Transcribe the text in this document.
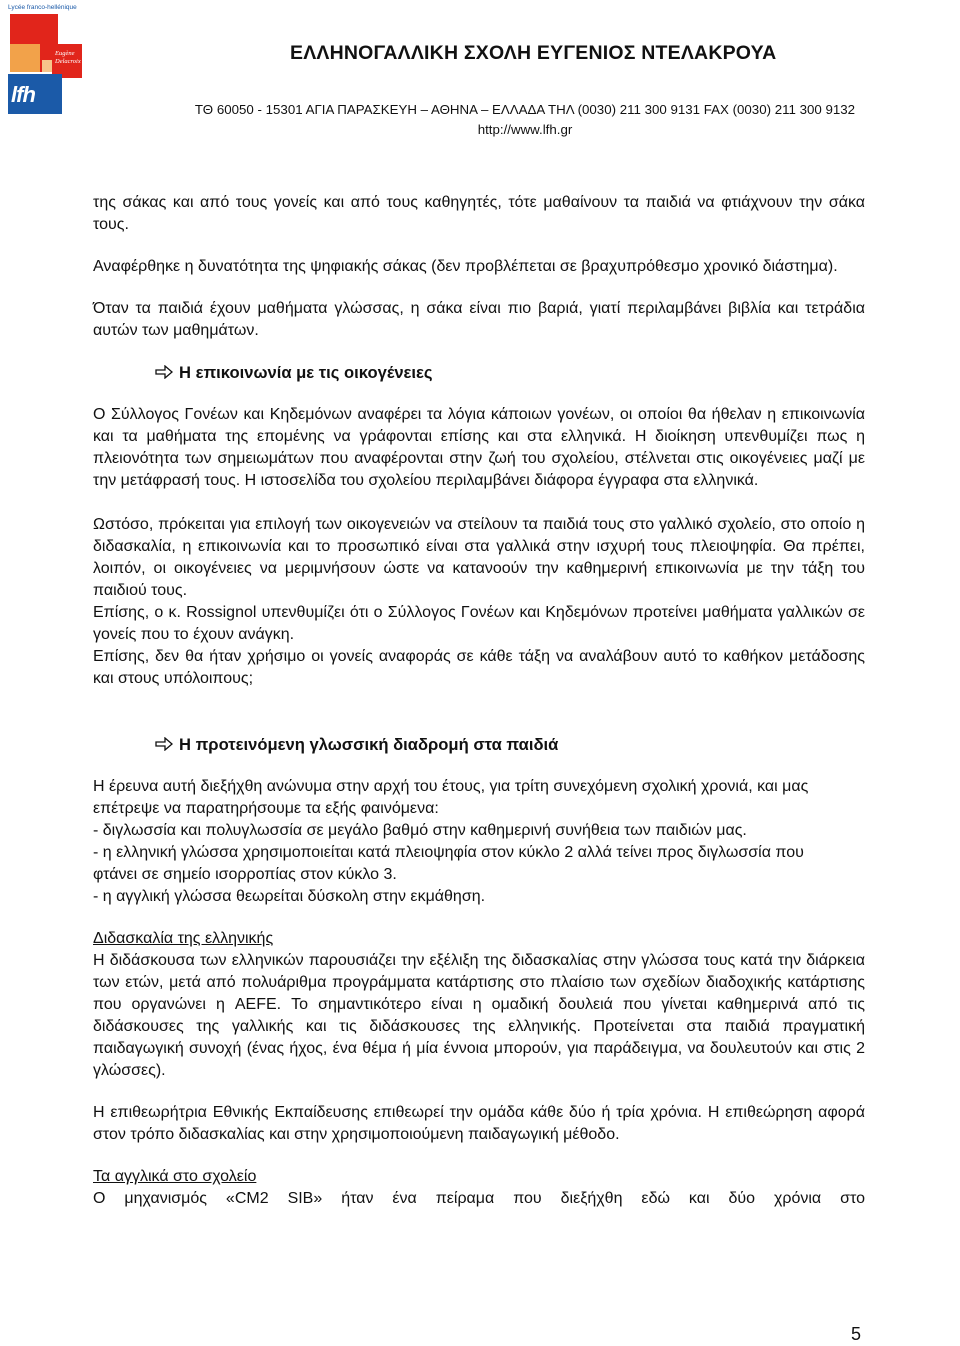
Lycée franco-hellénique
Eugène Delacroix
lfh
ΕΛΛΗΝΟΓΑΛΛΙΚΗ ΣΧΟΛΗ ΕΥΓΕΝΙΟΣ ΝΤΕΛΑΚΡΟΥΑ
ΤΘ 60050 - 15301 ΑΓΙΑ ΠΑΡΑΣΚΕΥΗ – ΑΘΗΝΑ – ΕΛΛΑΔΑ ΤΗΛ (0030) 211 300 9131 FAX (0030) 211 300 9132
http://www.lfh.gr

της σάκας και από τους γονείς και από τους καθηγητές, τότε μαθαίνουν τα παιδιά να φτιάχνουν την σάκα τους.

Αναφέρθηκε η δυνατότητα της ψηφιακής σάκας (δεν προβλέπεται σε βραχυπρόθεσμο χρονικό διάστημα).

Όταν τα παιδιά έχουν μαθήματα γλώσσας, η σάκα είναι πιο βαριά, γιατί περιλαμβάνει βιβλία και τετράδια αυτών των μαθημάτων.

Η επικοινωνία με τις οικογένειες

Ο Σύλλογος Γονέων και Κηδεμόνων αναφέρει τα λόγια κάποιων γονέων, οι οποίοι θα ήθελαν η επικοινωνία και τα μαθήματα της επομένης να γράφονται επίσης και στα ελληνικά. Η διοίκηση υπενθυμίζει πως η πλειονότητα των σημειωμάτων που αναφέρονται στην ζωή του σχολείου, στέλνεται στις οικογένειες μαζί με την μετάφρασή τους. Η ιστοσελίδα του σχολείου περιλαμβάνει διάφορα έγγραφα στα ελληνικά.

Ωστόσο, πρόκειται για επιλογή των οικογενειών να στείλουν τα παιδιά τους στο γαλλικό σχολείο, στο οποίο η διδασκαλία, η επικοινωνία και το προσωπικό είναι στα γαλλικά στην ισχυρή τους πλειοψηφία. Θα πρέπει, λοιπόν, οι οικογένειες να μεριμνήσουν ώστε να κατανοούν την καθημερινή επικοινωνία με την τάξη του παιδιού τους.

Επίσης, ο κ. Rossignol υπενθυμίζει ότι ο Σύλλογος Γονέων και Κηδεμόνων προτείνει μαθήματα γαλλικών σε γονείς που το έχουν ανάγκη.

Επίσης, δεν θα ήταν χρήσιμο οι γονείς αναφοράς σε κάθε τάξη να αναλάβουν αυτό το καθήκον μετάδοσης και στους υπόλοιπους;

Η προτεινόμενη γλωσσική διαδρομή στα παιδιά

Η έρευνα αυτή διεξήχθη ανώνυμα στην αρχή του έτους, για τρίτη συνεχόμενη σχολική χρονιά, και μας επέτρεψε να παρατηρήσουμε τα εξής φαινόμενα:

- διγλωσσία και πολυγλωσσία σε μεγάλο βαθμό στην καθημερινή συνήθεια των παιδιών μας.

- η ελληνική γλώσσα χρησιμοποιείται κατά πλειοψηφία στον κύκλο 2 αλλά τείνει προς διγλωσσία που φτάνει σε σημείο ισορροπίας στον κύκλο 3.

- η αγγλική γλώσσα θεωρείται δύσκολη στην εκμάθηση.

Διδασκαλία της ελληνικής

Η διδάσκουσα των ελληνικών παρουσιάζει την εξέλιξη της διδασκαλίας στην γλώσσα τους κατά την διάρκεια των ετών, μετά από πολυάριθμα προγράμματα κατάρτισης στο πλαίσιο των σχεδίων διαδοχικής κατάρτισης που οργανώνει η AEFE. Το σημαντικότερο είναι η ομαδική δουλειά που γίνεται καθημερινά από τις διδάσκουσες της γαλλικής και τις διδάσκουσες της ελληνικής. Προτείνεται στα παιδιά πραγματική παιδαγωγική συνοχή (ένας ήχος, ένα θέμα ή μία έννοια μπορούν, για παράδειγμα, να δουλευτούν και στις 2 γλώσσες).

Η επιθεωρήτρια Εθνικής Εκπαίδευσης επιθεωρεί την ομάδα κάθε δύο ή τρία χρόνια. Η επιθεώρηση αφορά στον τρόπο διδασκαλίας και στην χρησιμοποιούμενη παιδαγωγική μέθοδο.

Τα αγγλικά στο σχολείο

Ο μηχανισμός «CM2 SIB» ήταν ένα πείραμα που διεξήχθη εδώ και δύο χρόνια στο

5
